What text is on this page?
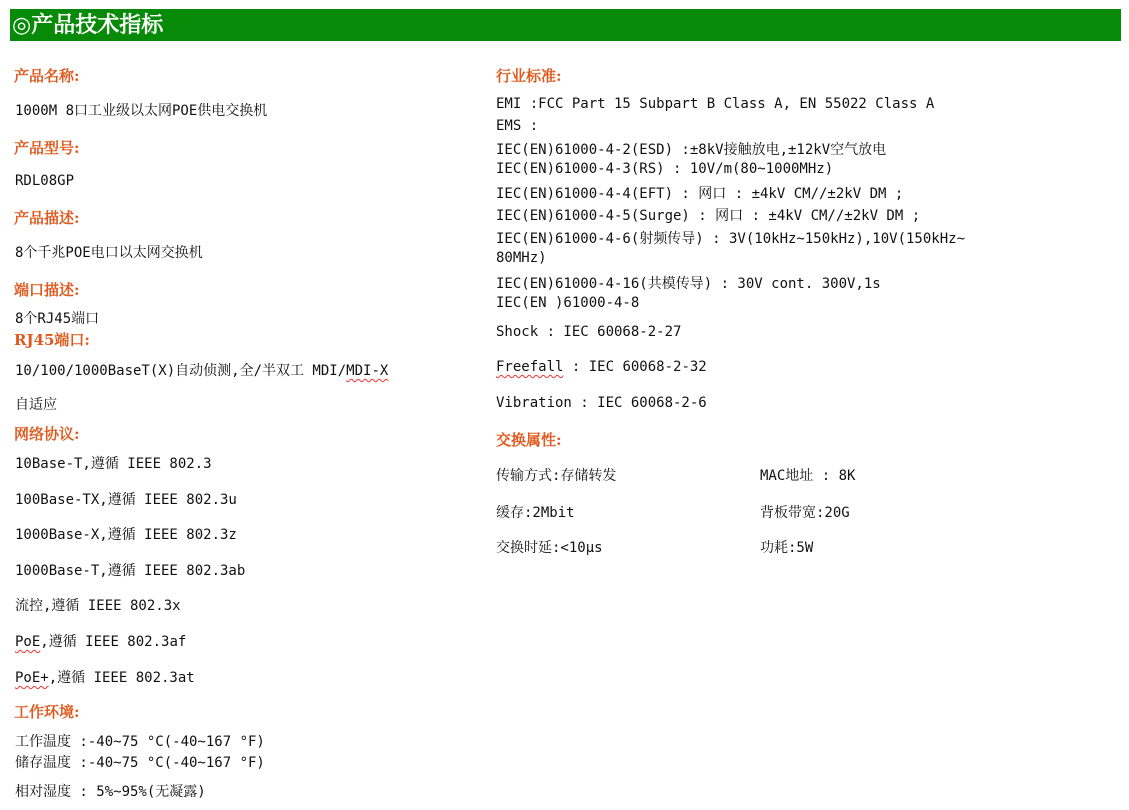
◎产品技术指标
产品名称:
1000M 8口工业级以太网POE供电交换机
产品型号:
RDL08GP
产品描述:
8个千兆POE电口以太网交换机
端口描述:
8个RJ45端口
RJ45端口:
10/100/1000BaseT(X)自动侦测,全/半双工 MDI/MDI-X
自适应
网络协议:
10Base-T,遵循 IEEE 802.3
100Base-TX,遵循 IEEE 802.3u
1000Base-X,遵循 IEEE 802.3z
1000Base-T,遵循 IEEE 802.3ab
流控,遵循 IEEE 802.3x
PoE,遵循 IEEE 802.3af
PoE+,遵循 IEEE 802.3at
工作环境:
工作温度 :-40~75 °C(-40~167 °F)
储存温度 :-40~75 °C(-40~167 °F)
相对湿度 : 5%~95%(无凝露)
行业标准:
EMI :FCC Part 15 Subpart B Class A, EN 55022 Class A
EMS :
IEC(EN)61000-4-2(ESD) :±8kV接触放电,±12kV空气放电
IEC(EN)61000-4-3(RS) : 10V/m(80~1000MHz)
IEC(EN)61000-4-4(EFT) : 网口 : ±4kV CM//±2kV DM ;
IEC(EN)61000-4-5(Surge) : 网口 : ±4kV CM//±2kV DM ;
IEC(EN)61000-4-6(射频传导) : 3V(10kHz~150kHz),10V(150kHz~
80MHz)
IEC(EN)61000-4-16(共模传导) : 30V cont. 300V,1s
IEC(EN )61000-4-8
Shock : IEC 60068-2-27
Freefall : IEC 60068-2-32
Vibration : IEC 60068-2-6
交换属性:
传输方式:存储转发	MAC地址 : 8K
缓存:2Mbit	背板带宽:20G
交换时延:<10μs	功耗:5W
